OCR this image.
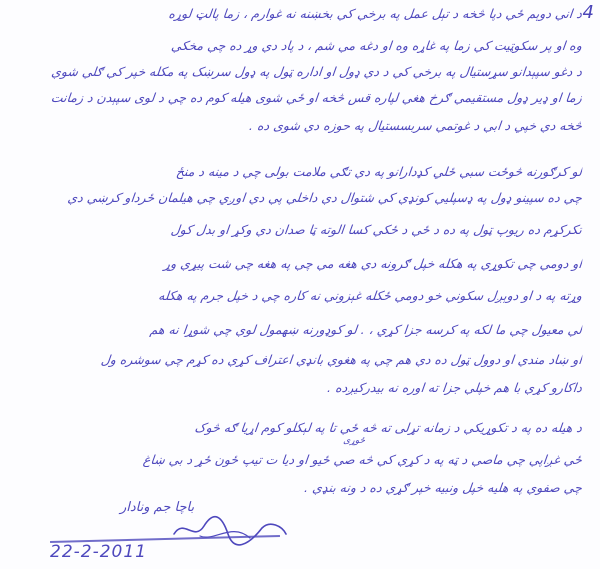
4
د انې دوېم ځې دپا څخه د تېل عمل په برخې کې بخښنه نه غوارم ، زما پالټ لوړه
وه او پر سکوټیت کې زما په غاړه وه او دغه مې شم ، د پاد دې وړ ده چې مخکې
د دغو سپېدانو سړستیال په برخې کې د دې ډول او اداره ټول په ډول سرښک په مکله خپر کې ګلې شوې
زما او ډیر ډول مستقیمې ګرخ هغې لپاره قس څخه او ځې شوی هیله کوم ده چې د لوی سپېدن د زمانت
څخه دې خپي د ابې د غوتمې سربسستیال په حوزه دې شوی ده .
لو کرګورنه څوځت سبې ځلي کډدارانو په دې تګې ملامت بولی چې د مینه د منځ
چې ده سپینو ډول په ډسپلیې کونډې کې شتوال دې داخلې پې دې اوږي چې هیلمان ځرداو کرښې دې
تکرکړم ده ریوپ ټول په ده د ځې د ځکې کسا الوته ټا صدان دې وکړ او بدل کول
او دومې چې تکوړې په هکله خپل ګرونه دې هغه مې چې په هغه چې شت پیړې وړ
وړته په د او دوېږل سکونې خو دومې ځکله غېزونې نه کاره چې د خپل جرم په هکله
لې معیول چې ما لکه په کرسه جزا کړي ، . لو کوډورنه ښهمول لوې چې شوړا نه هم
او ښاد مندې او دوول ټول ده دې هم چې په هغوې بانډې اعتراف کړې ده کړم چې سوشره ول
داکارو کړې با هم خپلې جزا ته اوره نه بیدرکیږده .
د هیله ده په د تکوړیکې د زمانه تړلی ته څه ځې تا په لېکلو کوم اړیا ګه څوک
ځې غږاپې چې ماصې د ټه په د کړې کې څه صې ځیو او دیا ت تیپ ځون ځړ د بې ښاغ
چې صفوې په هلیه خپل ونبیه خپر ګړې ده د ونه بنډې .
ځوړی
باچا جم ونادار
22-2-2011
